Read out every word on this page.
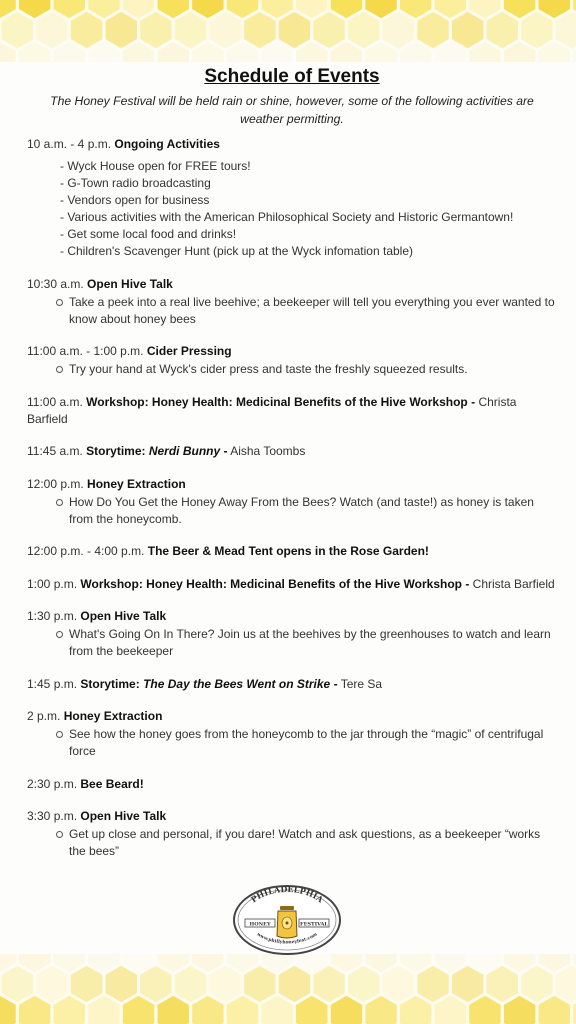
Schedule of Events
The Honey Festival will be held rain or shine, however, some of the following activities are weather permitting.
10 a.m. - 4 p.m. Ongoing Activities
- Wyck House open for FREE tours!
- G-Town radio broadcasting
- Vendors open for business
- Various activities with the American Philosophical Society and Historic Germantown!
- Get some local food and drinks!
- Children's Scavenger Hunt (pick up at the Wyck infomation table)
10:30 a.m. Open Hive Talk
Take a peek into a real live beehive; a beekeeper will tell you everything you ever wanted to know about honey bees
11:00 a.m. - 1:00 p.m. Cider Pressing
Try your hand at Wyck's cider press and taste the freshly squeezed results.
11:00 a.m. Workshop: Honey Health: Medicinal Benefits of the Hive Workshop - Christa Barfield
11:45 a.m. Storytime: Nerdi Bunny - Aisha Toombs
12:00 p.m. Honey Extraction
How Do You Get the Honey Away From the Bees? Watch (and taste!) as honey is taken from the honeycomb.
12:00 p.m. - 4:00 p.m. The Beer & Mead Tent opens in the Rose Garden!
1:00 p.m. Workshop: Honey Health: Medicinal Benefits of the Hive Workshop - Christa Barfield
1:30 p.m. Open Hive Talk
What's Going On In There? Join us at the beehives by the greenhouses to watch and learn from the beekeeper
1:45 p.m. Storytime: The Day the Bees Went on Strike - Tere Sa
2 p.m. Honey Extraction
See how the honey goes from the honeycomb to the jar through the “magic” of centrifugal force
2:30 p.m. Bee Beard!
3:30 p.m. Open Hive Talk
Get up close and personal, if you dare! Watch and ask questions, as a beekeeper “works the bees”
PHILADELPHIA
www.phillyhoneyfest.com
HONEY	FESTIVAL
